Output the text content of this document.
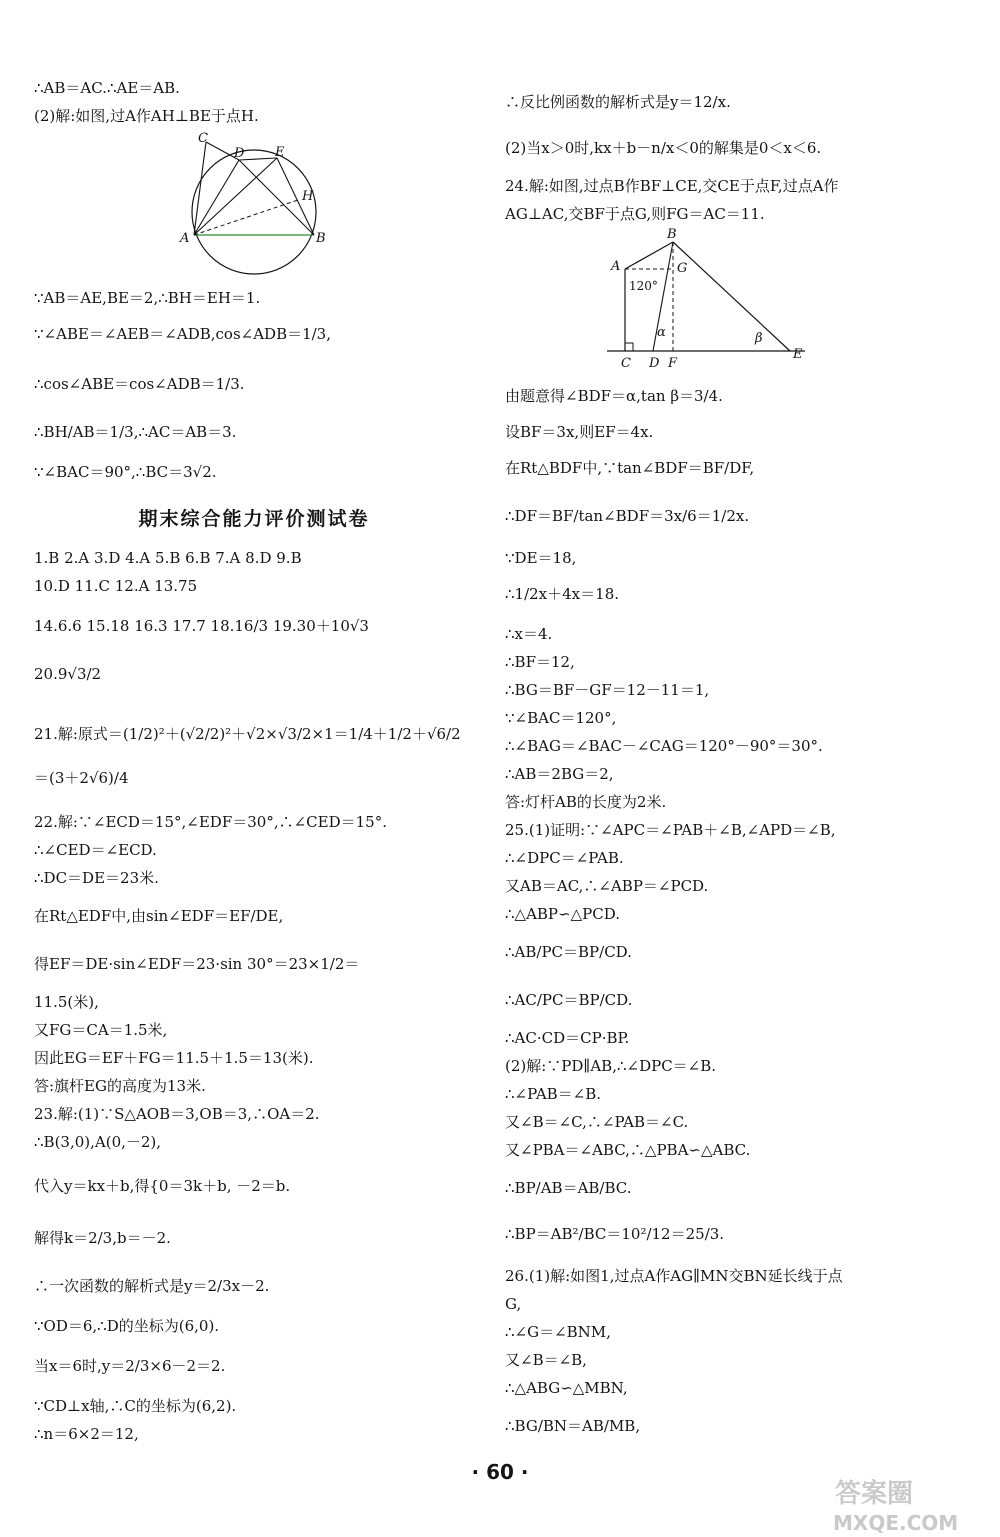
∴AB＝AC.∴AE＝AB.
(2)解:如图,过A作AH⊥BE于点H.
C
D E
H
A	B
∵AB＝AE,BE＝2,∴BH＝EH＝1.
∵∠ABE＝∠AEB＝∠ADB,cos∠ADB＝1/3,
∴cos∠ABE＝cos∠ADB＝1/3.
∴BH/AB＝1/3,∴AC＝AB＝3.
∵∠BAC＝90°,∴BC＝3√2.
期末综合能力评价测试卷
1.B 2.A 3.D 4.A 5.B 6.B 7.A 8.D 9.B
10.D 11.C 12.A 13.75
14.6.6 15.18 16.3 17.7 18.16/3 19.30＋10√3
20.9√3/2
21.解:原式＝(1/2)²＋(√2/2)²＋√2×√3/2×1＝1/4＋1/2＋√6/2
＝(3＋2√6)/4
22.解:∵∠ECD＝15°,∠EDF＝30°,∴∠CED＝15°.
∴∠CED＝∠ECD.
∴DC＝DE＝23米.
在Rt△EDF中,由sin∠EDF＝EF/DE,
得EF＝DE·sin∠EDF＝23·sin 30°＝23×1/2＝
11.5(米),
又FG＝CA＝1.5米,
因此EG＝EF＋FG＝11.5＋1.5＝13(米).
答:旗杆EG的高度为13米.
23.解:(1)∵S△AOB＝3,OB＝3,∴OA＝2.
∴B(3,0),A(0,－2),
代入y＝kx＋b,得{0＝3k＋b, －2＝b.
解得k＝2/3,b＝－2.
∴一次函数的解析式是y＝2/3x－2.
∵OD＝6,∴D的坐标为(6,0).
当x＝6时,y＝2/3×6－2＝2.
∵CD⊥x轴,∴C的坐标为(6,2).
∴n＝6×2＝12,
∴反比例函数的解析式是y＝12/x.
(2)当x＞0时,kx＋b－n/x＜0的解集是0＜x＜6.
24.解:如图,过点B作BF⊥CE,交CE于点F,过点A作
AG⊥AC,交BF于点G,则FG＝AC＝11.
B
A	G
120°
α	β
C D F
E
由题意得∠BDF＝α,tan β＝3/4.
设BF＝3x,则EF＝4x.
在Rt△BDF中,∵tan∠BDF＝BF/DF,
∴DF＝BF/tan∠BDF＝3x/6＝1/2x.
∵DE＝18,
∴1/2x＋4x＝18.
∴x＝4.
∴BF＝12,
∴BG＝BF－GF＝12－11＝1,
∵∠BAC＝120°,
∴∠BAG＝∠BAC－∠CAG＝120°－90°＝30°.
∴AB＝2BG＝2,
答:灯杆AB的长度为2米.
25.(1)证明:∵∠APC＝∠PAB＋∠B,∠APD＝∠B,
∴∠DPC＝∠PAB.
又AB＝AC,∴∠ABP＝∠PCD.
∴△ABP∽△PCD.
∴AB/PC＝BP/CD.
∴AC/PC＝BP/CD.
∴AC·CD＝CP·BP.
(2)解:∵PD∥AB,∴∠DPC＝∠B.
∴∠PAB＝∠B.
又∠B＝∠C,∴∠PAB＝∠C.
又∠PBA＝∠ABC,∴△PBA∽△ABC.
∴BP/AB＝AB/BC.
∴BP＝AB²/BC＝10²/12＝25/3.
26.(1)解:如图1,过点A作AG∥MN交BN延长线于点
G,
∴∠G＝∠BNM,
又∠B＝∠B,
∴△ABG∽△MBN,
∴BG/BN＝AB/MB,
· 60 ·
答案圈
MXQE.COM
